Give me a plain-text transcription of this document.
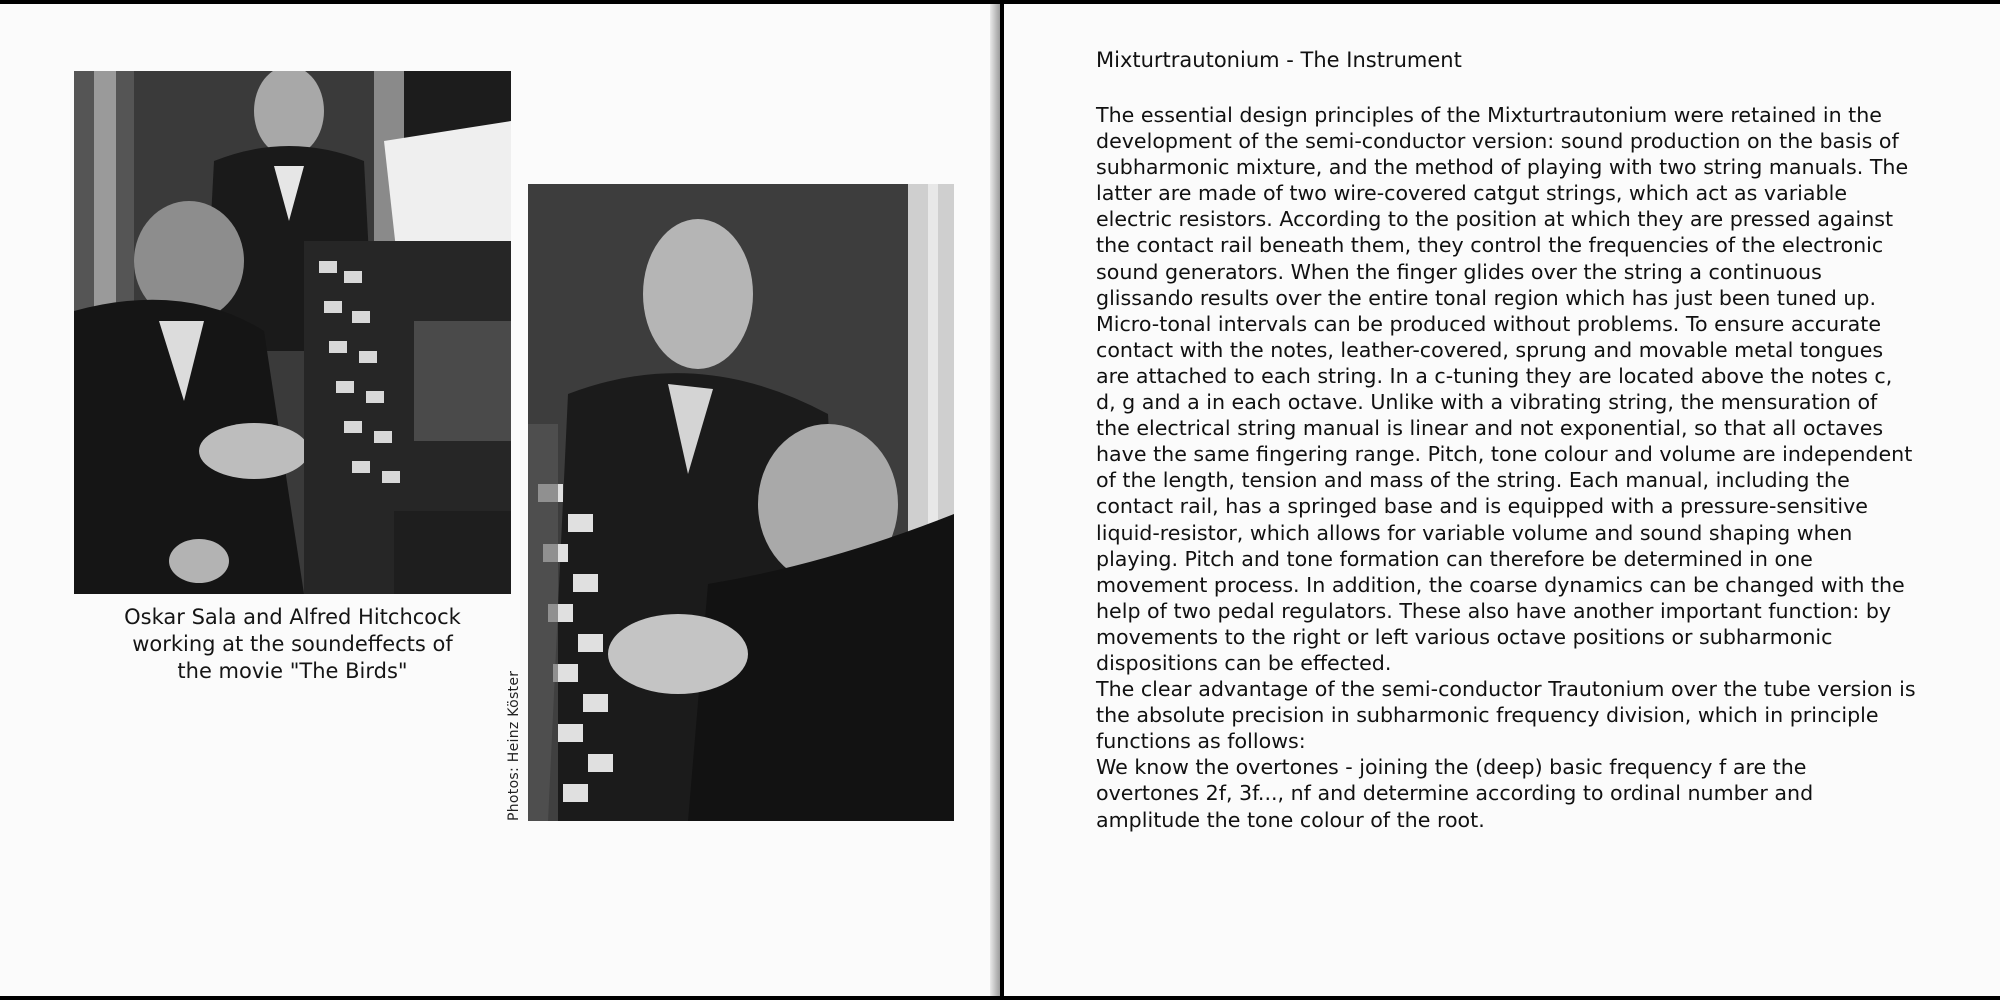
Oskar Sala and Alfred Hitchcock
working at the soundeffects of
the movie "The Birds"	Photos: Heinz Köster
Mixturtrautonium - The Instrument

The essential design principles of the Mixturtrautonium were retained in the development of the semi-conductor version: sound production on the basis of subharmonic mixture, and the method of playing with two string manuals. The latter are made of two wire-covered catgut strings, which act as variable electric resistors. According to the position at which they are pressed against the contact rail beneath them, they control the frequencies of the electronic sound generators. When the finger glides over the string a continuous glissando results over the entire tonal region which has just been tuned up. Micro-tonal intervals can be produced without problems. To ensure accurate contact with the notes, leather-covered, sprung and movable metal tongues are attached to each string. In a c-tuning they are located above the notes c, d, g and a in each octave. Unlike with a vibrating string, the mensuration of the electrical string manual is linear and not exponential, so that all octaves have the same fingering range. Pitch, tone colour and volume are independent of the length, tension and mass of the string. Each manual, including the contact rail, has a springed base and is equipped with a pressure-sensitive liquid-resistor, which allows for variable volume and sound shaping when playing. Pitch and tone formation can therefore be determined in one movement process. In addition, the coarse dynamics can be changed with the help of two pedal regulators. These also have another important function: by movements to the right or left various octave positions or subharmonic dispositions can be effected.

The clear advantage of the semi-conductor Trautonium over the tube version is the absolute precision in subharmonic frequency division, which in principle functions as follows:

We know the overtones - joining the (deep) basic frequency f are the overtones 2f, 3f..., nf and determine according to ordinal number and amplitude the tone colour of the root.
